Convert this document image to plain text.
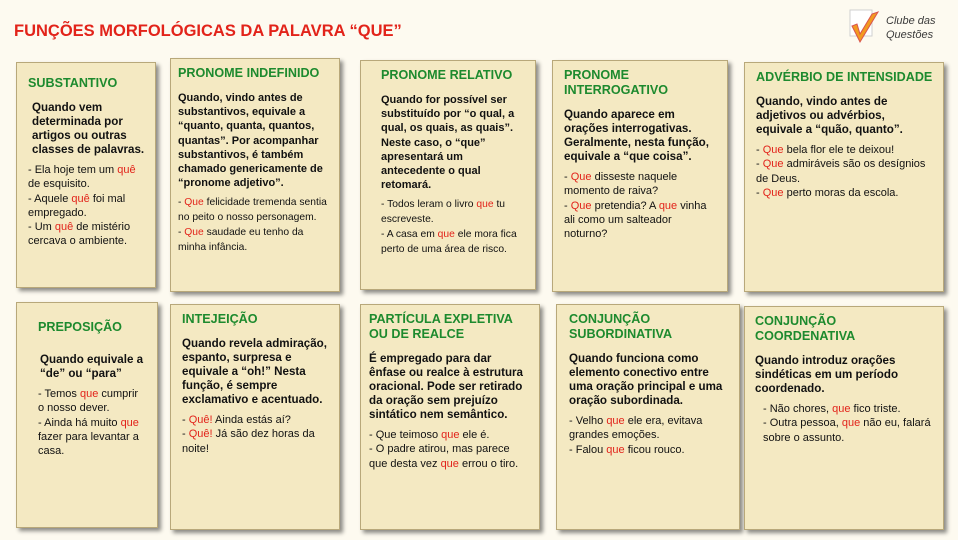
FUNÇÕES MORFOLÓGICAS DA PALAVRA “QUE”
Clube das
Questões
SUBSTANTIVO

Quando vem determinada por artigos ou outras classes de palavras.

- Ela hoje tem um quê de esquisito.

- Aquele quê foi mal empregado.

- Um quê de mistério cercava o ambiente.

PRONOME INDEFINIDO

Quando, vindo antes de substantivos, equivale a “quanto, quanta, quantos, quantas”. Por acompanhar substantivos, é também chamado genericamente de “pronome adjetivo”.

- Que felicidade tremenda sentia no peito o nosso personagem.

- Que saudade eu tenho da minha infância.

PRONOME RELATIVO

Quando for possível ser substituído por “o qual, a qual, os quais, as quais”. Neste caso, o “que” apresentará um antecedente o qual retomará.

- Todos leram o livro que tu escreveste.

- A casa em que ele mora fica perto de uma área de risco.

PRONOME INTERROGATIVO

Quando aparece em orações interrogativas. Geralmente, nesta função, equivale a “que coisa”.

- Que disseste naquele momento de raiva?

- Que pretendia? A que vinha ali como um salteador noturno?

ADVÉRBIO DE INTENSIDADE

Quando, vindo antes de adjetivos ou advérbios, equivale a “quão, quanto”.

- Que bela flor ele te deixou!

- Que admiráveis são os desígnios de Deus.

- Que perto moras da escola.

PREPOSIÇÃO

Quando equivale a “de” ou “para”

- Temos que cumprir o nosso dever.

- Ainda há muito que fazer para levantar a casa.

INTEJEIÇÃO

Quando revela admiração, espanto, surpresa e equivale a “oh!” Nesta função, é sempre exclamativo e acentuado.

- Quê! Ainda estás aí?

- Quê! Já são dez horas da noite!

PARTÍCULA EXPLETIVA OU DE REALCE

É empregado para dar ênfase ou realce à estrutura oracional. Pode ser retirado da oração sem prejuízo sintático nem semântico.

- Que teimoso que ele é.

- O padre atirou, mas parece que desta vez que errou o tiro.

CONJUNÇÃO SUBORDINATIVA

Quando funciona como elemento conectivo entre uma oração principal e uma oração subordinada.

- Velho que ele era, evitava grandes emoções.

- Falou que ficou rouco.

CONJUNÇÃO COORDENATIVA

Quando introduz orações sindéticas em um período coordenado.

- Não chores, que fico triste.

- Outra pessoa, que não eu, falará sobre o assunto.
